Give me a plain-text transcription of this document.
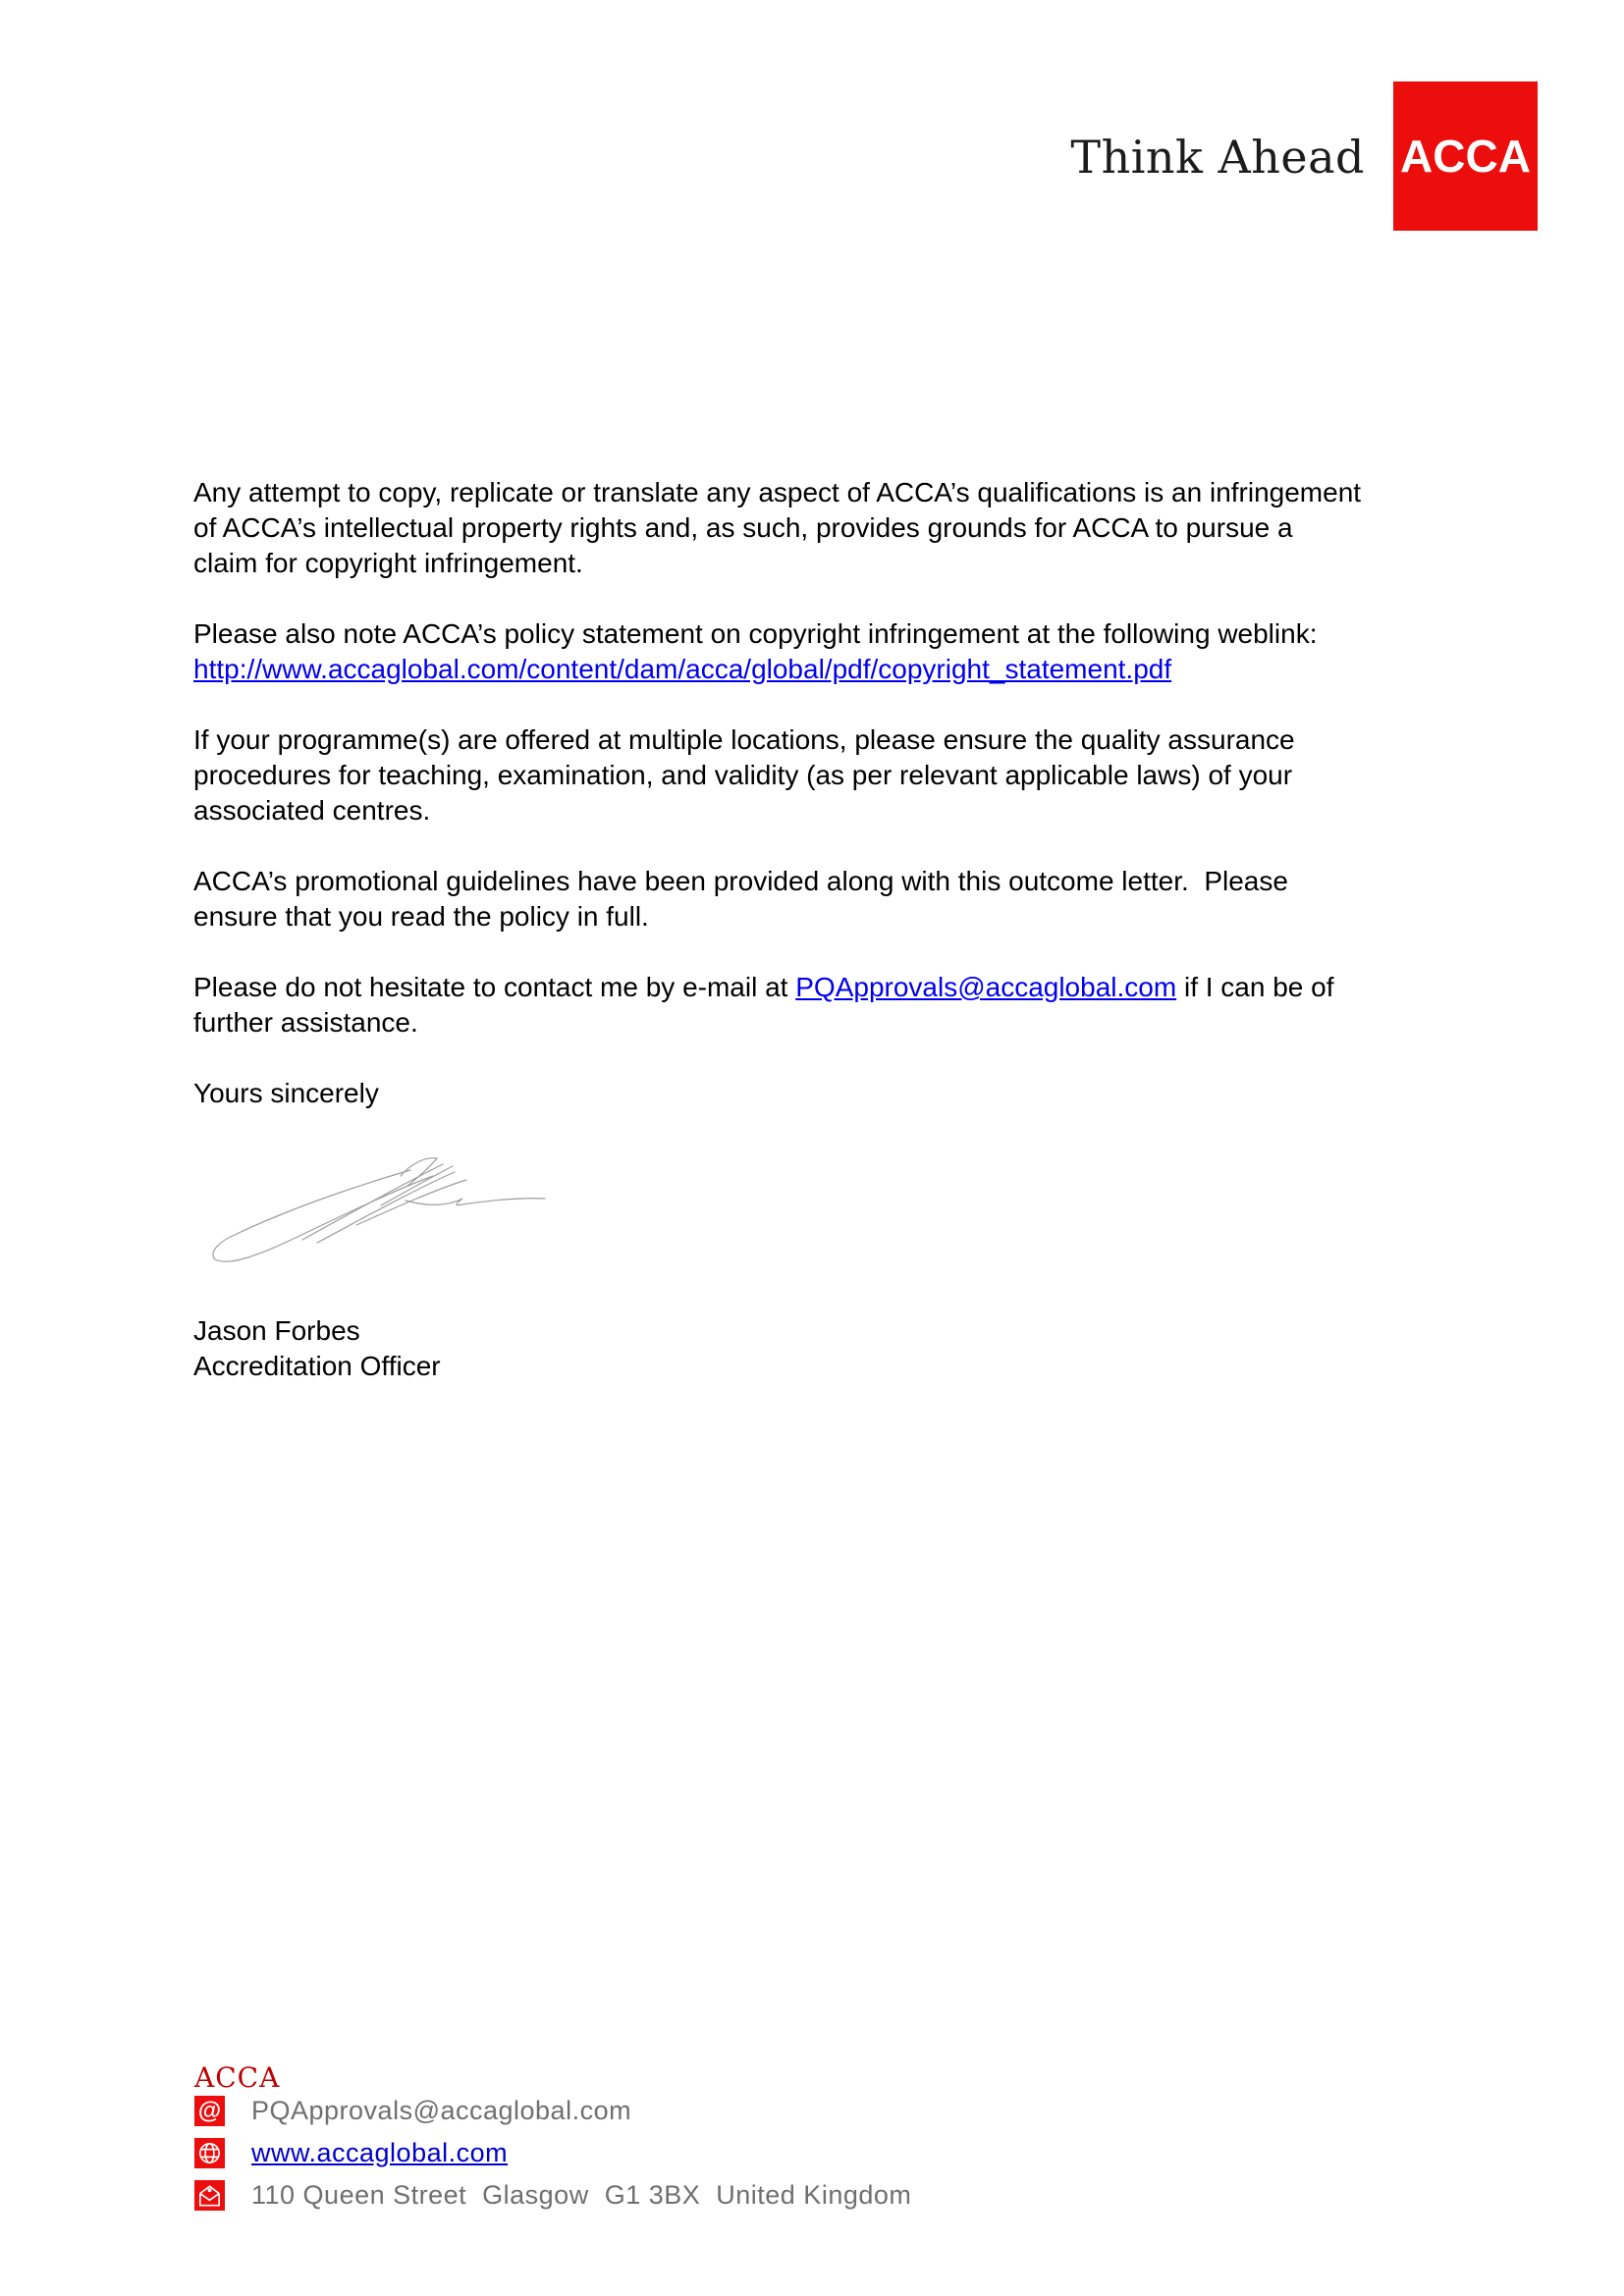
Think Ahead ACCA

Any attempt to copy, replicate or translate any aspect of ACCA’s qualifications is an infringement
of ACCA’s intellectual property rights and, as such, provides grounds for ACCA to pursue a
claim for copyright infringement.

Please also note ACCA’s policy statement on copyright infringement at the following weblink:
http://www.accaglobal.com/content/dam/acca/global/pdf/copyright_statement.pdf

If your programme(s) are offered at multiple locations, please ensure the quality assurance
procedures for teaching, examination, and validity (as per relevant applicable laws) of your
associated centres.

ACCA’s promotional guidelines have been provided along with this outcome letter.  Please
ensure that you read the policy in full.

Please do not hesitate to contact me by e-mail at PQApprovals@accaglobal.com if I can be of
further assistance.

Yours sincerely

Jason Forbes
Accreditation Officer
ACCA
@ PQApprovals@accaglobal.com
www.accaglobal.com
110 Queen Street  Glasgow  G1 3BX  United Kingdom
